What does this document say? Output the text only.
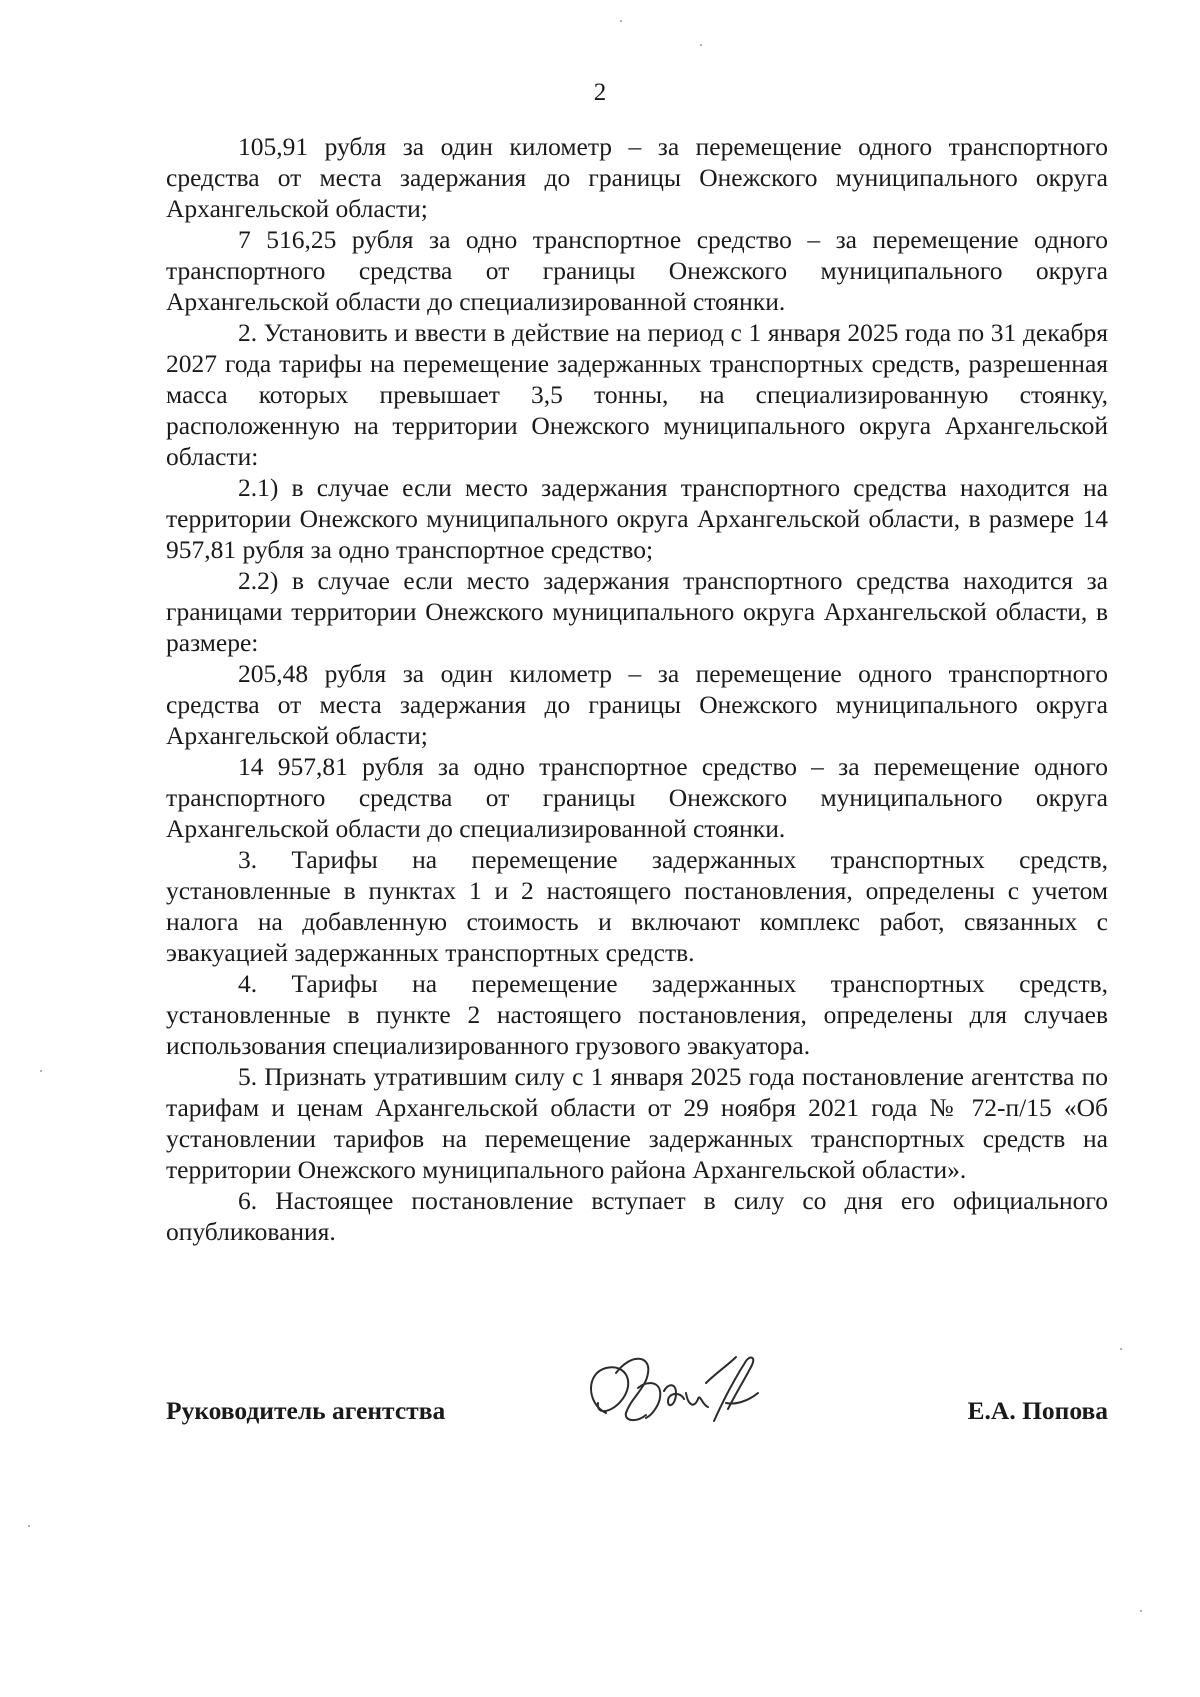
2

105,91 рубля за один километр – за перемещение одного транспортного средства от места задержания до границы Онежского муниципального округа Архангельской области;

7 516,25 рубля за одно транспортное средство – за перемещение одного транспортного средства от границы Онежского муниципального округа Архангельской области до специализированной стоянки.

2. Установить и ввести в действие на период с 1 января 2025 года по 31 декабря 2027 года тарифы на перемещение задержанных транспортных средств, разрешенная масса которых превышает 3,5 тонны, на специализированную стоянку, расположенную на территории Онежского муниципального округа Архангельской области:

2.1) в случае если место задержания транспортного средства находится на территории Онежского муниципального округа Архангельской области, в размере 14 957,81 рубля за одно транспортное средство;

2.2) в случае если место задержания транспортного средства находится за границами территории Онежского муниципального округа Архангельской области, в размере:

205,48 рубля за один километр – за перемещение одного транспортного средства от места задержания до границы Онежского муниципального округа Архангельской области;

14 957,81 рубля за одно транспортное средство – за перемещение одного транспортного средства от границы Онежского муниципального округа Архангельской области до специализированной стоянки.

3. Тарифы на перемещение задержанных транспортных средств, установленные в пунктах 1 и 2 настоящего постановления, определены с учетом налога на добавленную стоимость и включают комплекс работ, связанных с эвакуацией задержанных транспортных средств.

4. Тарифы на перемещение задержанных транспортных средств, установленные в пункте 2 настоящего постановления, определены для случаев использования специализированного грузового эвакуатора.

5. Признать утратившим силу с 1 января 2025 года постановление агентства по тарифам и ценам Архангельской области от 29 ноября 2021 года № 72-п/15 «Об установлении тарифов на перемещение задержанных транспортных средств на территории Онежского муниципального района Архангельской области».

6. Настоящее постановление вступает в силу со дня его официального опубликования.

Руководитель агентства	Е.А. Попова
